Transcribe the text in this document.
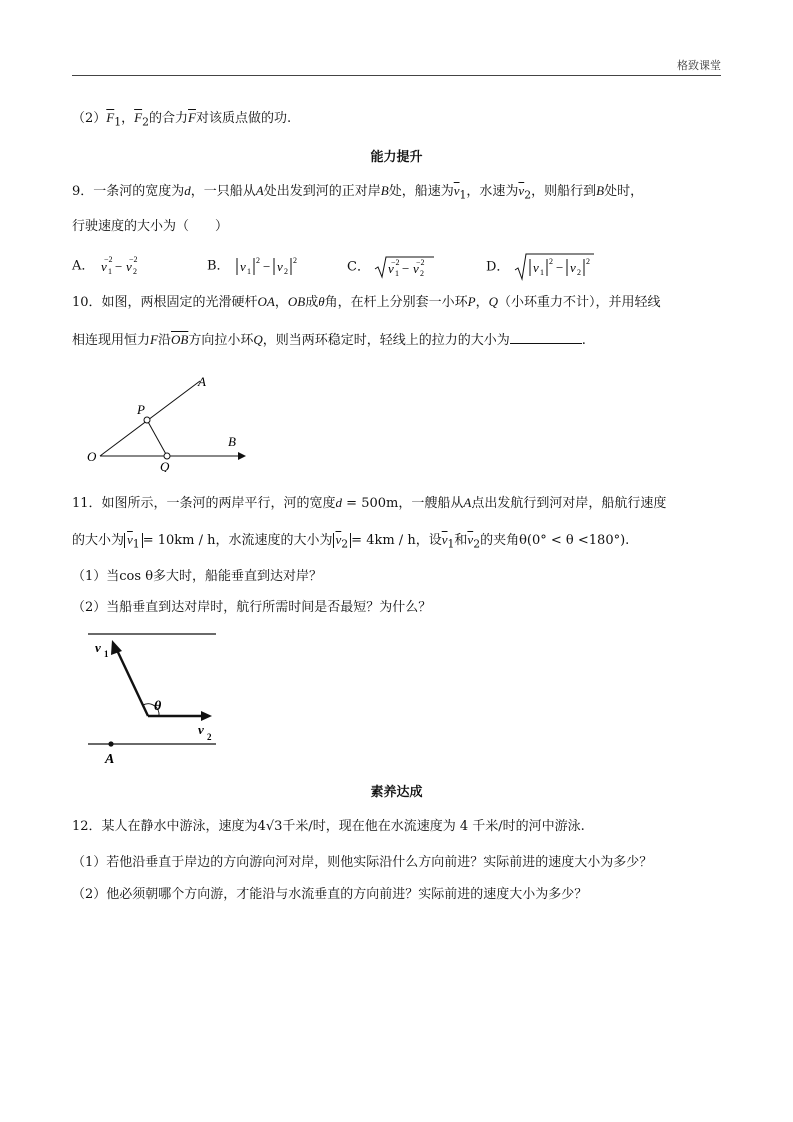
格致课堂
$(2)\overline{F}_1$，$\overline{F}_2$的合力$\overline{F}$对该质点做的功.
能力提升
9．一条河的宽度为d，一只船从A处出发到河的正对岸B处，船速为$\overline{v}_1$，水速为$\overline{v}_2$，则船行到B处时，
行驶速度的大小为（　　）
A． v 1
−2 − v 2
−2	B． v 1
2 − v 2
2	C． v 1
−2 − v 2
−2	D． v 1
2 − v 2
2
10．如图，两根固定的光滑硬杆OA，OB成θ角，在杆上分别套一小环P，Q（小环重力不计），并用轻线
相连现用恒力F沿$\overline{OB}$方向拉小环Q，则当两环稳定时，轻线上的拉力的大小为	.
A
B
O
P
Q
11．如图所示，一条河的两岸平行，河的宽度d = 500m，一艘船从A点出发航行到河对岸，船航行速度
的大小为 $\overline{v}_1 = 10km / h$，水流速度的大小为 $\overline{v}_2 = 4km / h$，设$\overline{v}_1$和$\overline{v}_2$的夹角θ(0° < θ <180°).
（1）当cos θ多大时，船能垂直到达对岸？
（2）当船垂直到达对岸时，航行所需时间是否最短？为什么？
v 1
θ
v 2
A
素养达成
12．某人在静水中游泳，速度为4√3千米/时，现在他在水流速度为 4 千米/时的河中游泳.
（1）若他沿垂直于岸边的方向游向河对岸，则他实际沿什么方向前进？实际前进的速度大小为多少？
（2）他必须朝哪个方向游，才能沿与水流垂直的方向前进？实际前进的速度大小为多少？
